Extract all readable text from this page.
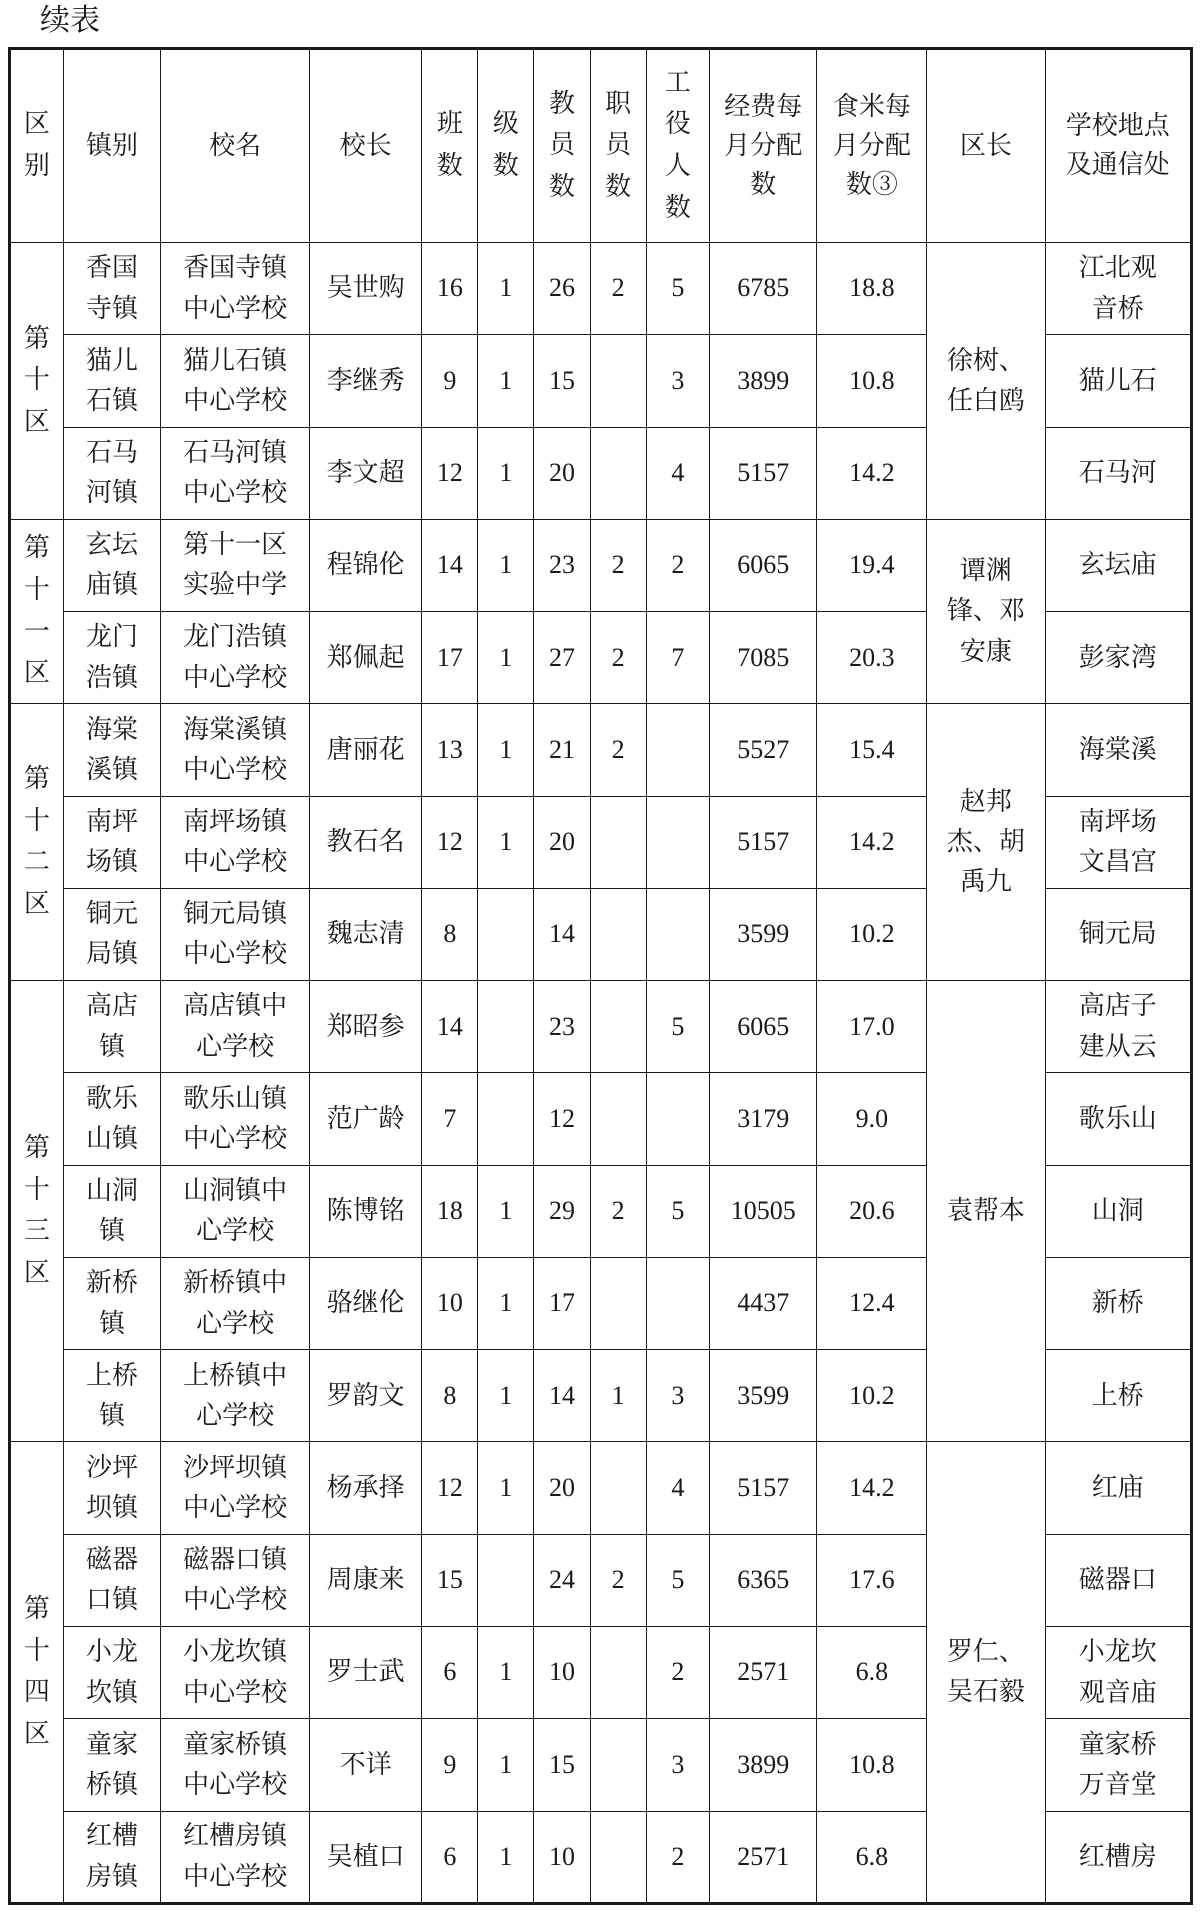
续表
区别	镇别	校名	校长	班数	级数	教员数	职员数	工役人数	经费每月分配数	食米每月分配数③	区长	学校地点及通信处
第十区	香国寺镇	香国寺镇中心学校	吴世购	16	1	26	2	5	6785	18.8	徐树、任白鸥	江北观音桥
	猫儿石镇	猫儿石镇中心学校	李继秀	9	1	15		3	3899	10.8		猫儿石
	石马河镇	石马河镇中心学校	李文超	12	1	20		4	5157	14.2		石马河
第十一区	玄坛庙镇	第十一区实验中学	程锦伦	14	1	23	2	2	6065	19.4	谭渊锋、邓安康	玄坛庙
	龙门浩镇	龙门浩镇中心学校	郑佩起	17	1	27	2	7	7085	20.3		彭家湾
第十二区	海棠溪镇	海棠溪镇中心学校	唐丽花	13	1	21	2		5527	15.4	赵邦杰、胡禹九	海棠溪
	南坪场镇	南坪场镇中心学校	教石名	12	1	20			5157	14.2		南坪场文昌宫
	铜元局镇	铜元局镇中心学校	魏志清	8		14			3599	10.2		铜元局
第十三区	高店镇	高店镇中心学校	郑昭参	14		23		5	6065	17.0	袁帮本	高店子建从云
	歌乐山镇	歌乐山镇中心学校	范广龄	7		12			3179	9.0		歌乐山
	山洞镇	山洞镇中心学校	陈博铭	18	1	29	2	5	10505	20.6		山洞
	新桥镇	新桥镇中心学校	骆继伦	10	1	17			4437	12.4		新桥
	上桥镇	上桥镇中心学校	罗韵文	8	1	14	1	3	3599	10.2		上桥
第十四区	沙坪坝镇	沙坪坝镇中心学校	杨承择	12	1	20		4	5157	14.2	罗仁、吴石毅	红庙
	磁器口镇	磁器口镇中心学校	周康来	15		24	2	5	6365	17.6		磁器口
	小龙坎镇	小龙坎镇中心学校	罗士武	6	1	10		2	2571	6.8		小龙坎观音庙
	童家桥镇	童家桥镇中心学校	不详	9	1	15		3	3899	10.8		童家桥万音堂
	红槽房镇	红槽房镇中心学校	吴植口	6	1	10		2	2571	6.8		红槽房
